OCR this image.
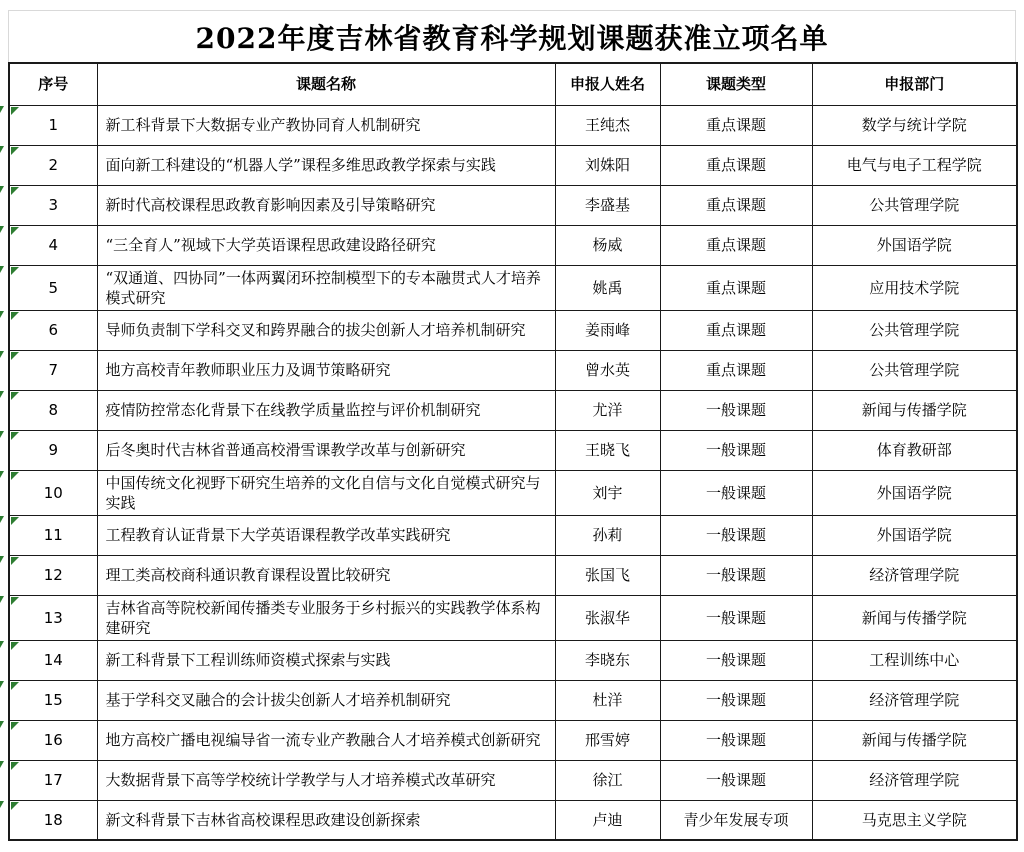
2022年度吉林省教育科学规划课题获准立项名单
序号	课题名称	申报人姓名	课题类型	申报部门

1	新工科背景下大数据专业产教协同育人机制研究	王纯杰	重点课题	数学与统计学院

2	面向新工科建设的“机器人学”课程多维思政教学探索与实践	刘姝阳	重点课题	电气与电子工程学院

3	新时代高校课程思政教育影响因素及引导策略研究	李盛基	重点课题	公共管理学院

4	“三全育人”视域下大学英语课程思政建设路径研究	杨威	重点课题	外国语学院

5	“双通道、四协同”一体两翼闭环控制模型下的专本融贯式人才培养模式研究	姚禹	重点课题	应用技术学院

6	导师负责制下学科交叉和跨界融合的拔尖创新人才培养机制研究	姜雨峰	重点课题	公共管理学院

7	地方高校青年教师职业压力及调节策略研究	曾水英	重点课题	公共管理学院

8	疫情防控常态化背景下在线教学质量监控与评价机制研究	尤洋	一般课题	新闻与传播学院

9	后冬奥时代吉林省普通高校滑雪课教学改革与创新研究	王晓飞	一般课题	体育教研部

10	中国传统文化视野下研究生培养的文化自信与文化自觉模式研究与实践	刘宇	一般课题	外国语学院

11	工程教育认证背景下大学英语课程教学改革实践研究	孙莉	一般课题	外国语学院

12	理工类高校商科通识教育课程设置比较研究	张国飞	一般课题	经济管理学院

13	吉林省高等院校新闻传播类专业服务于乡村振兴的实践教学体系构建研究	张淑华	一般课题	新闻与传播学院

14	新工科背景下工程训练师资模式探索与实践	李晓东	一般课题	工程训练中心

15	基于学科交叉融合的会计拔尖创新人才培养机制研究	杜洋	一般课题	经济管理学院

16	地方高校广播电视编导省一流专业产教融合人才培养模式创新研究	邢雪婷	一般课题	新闻与传播学院

17	大数据背景下高等学校统计学教学与人才培养模式改革研究	徐江	一般课题	经济管理学院

18	新文科背景下吉林省高校课程思政建设创新探索	卢迪	青少年发展专项	马克思主义学院
